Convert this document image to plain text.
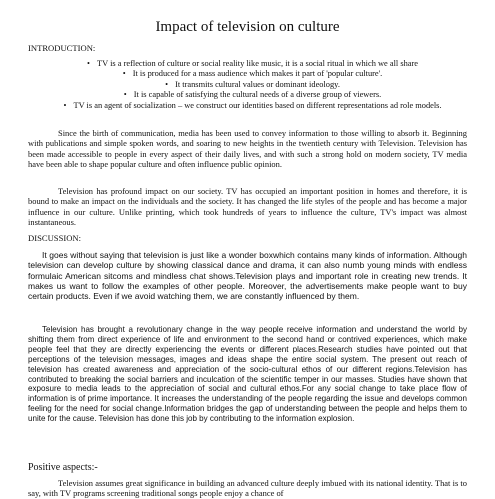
Impact of television on culture
INTRODUCTION:
• TV is a reflection of culture or social reality like music, it is a social ritual in which we all share
• It is produced for a mass audience which makes it part of 'popular culture'.
• It transmits cultural values or dominant ideology.
• It is capable of satisfying the cultural needs of a diverse group of viewers.
• TV is an agent of socialization – we construct our identities based on different representations ad role models.

Since the birth of communication, media has been used to convey information to those willing to absorb it. Beginning with publications and simple spoken words, and soaring to new heights in the twentieth century with Television. Television has been made accessible to people in every aspect of their daily lives, and with such a strong hold on modern society, TV media have been able to shape popular culture and often influence public opinion.

Television has profound impact on our society. TV has occupied an important position in homes and therefore, it is bound to make an impact on the individuals and the society. It has changed the life styles of the people and has become a major influence in our culture. Unlike printing, which took hundreds of years to influence the culture, TV's impact was almost instantaneous.

DISCUSSION:

It goes without saying that television is just like a wonder boxwhich contains many kinds of information. Although television can develop culture by showing classical dance and drama, it can also numb young minds with endless formulaic American sitcoms and mindless chat shows.Television plays and important role in creating new trends. It makes us want to follow the examples of other people. Moreover, the advertisements make people want to buy certain products. Even if we avoid watching them, we are constantly influenced by them.

Television has brought a revolutionary change in the way people receive information and understand the world by shifting them from direct experience of life and environment to the second hand or contrived experiences, which make people feel that they are directly experiencing the events or different places.Research studies have pointed out that perceptions of the television messages, images and ideas shape the entire social system. The present out reach of television has created awareness and appreciation of the socio-cultural ethos of our different regions.Television has contributed to breaking the social barriers and inculcation of the scientific temper in our masses. Studies have shown that exposure to media leads to the appreciation of social and cultural ethos.For any social change to take place flow of information is of prime importance. It increases the understanding of the people regarding the issue and develops common feeling for the need for social change.Information bridges the gap of understanding between the people and helps them to unite for the cause. Television has done this job by contributing to the information explosion.

Positive aspects:-

Television assumes great significance in building an advanced culture deeply imbued with its national identity. That is to say, with TV programs screening traditional songs people enjoy a chance of
